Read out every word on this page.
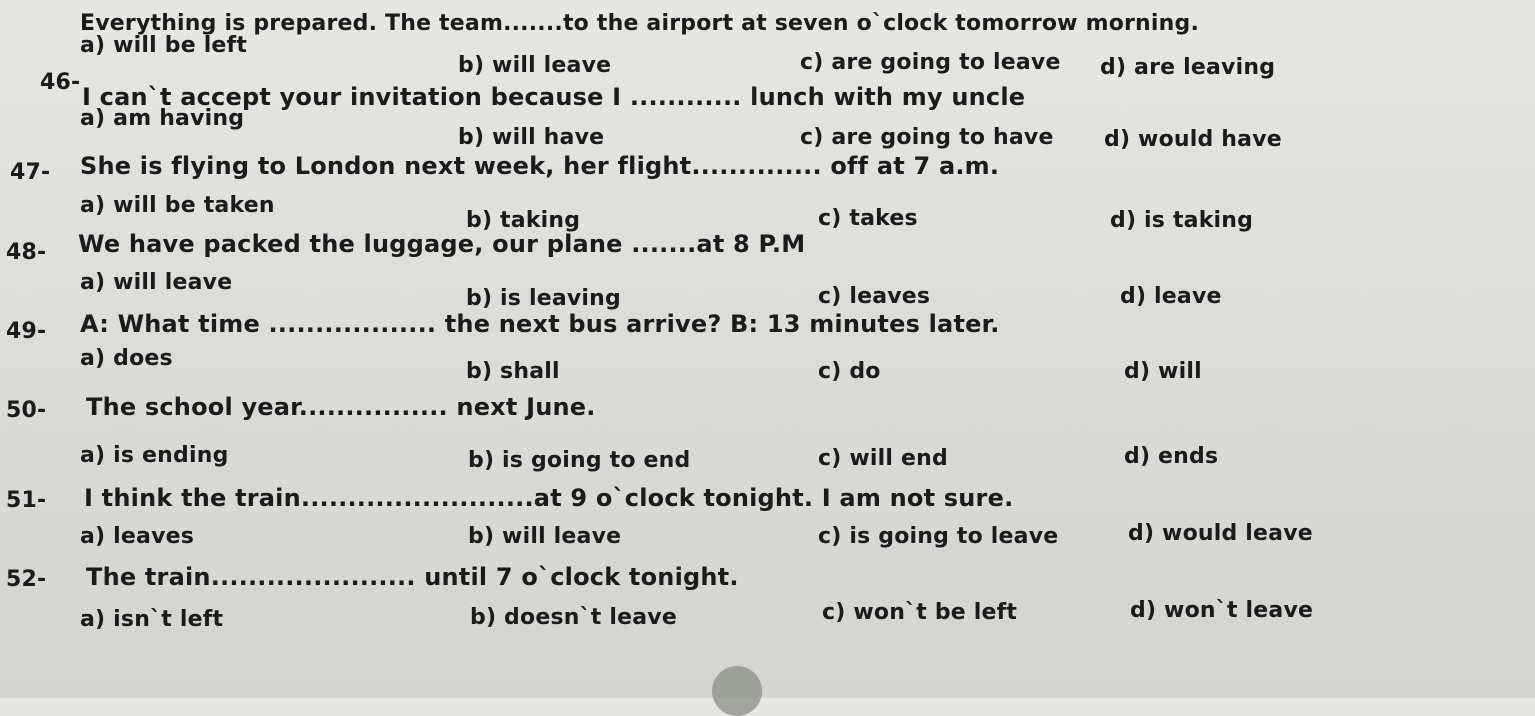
Everything is prepared. The team.......to the airport at seven o`clock tomorrow morning.
a) will be left
b) will leave	c) are going to leave d) are leaving
46-
I can`t accept your invitation because I ............ lunch with my uncle
a) am having
b) will have	c) are going to have d) would have
47- She is flying to London next week, her flight.............. off at 7 a.m.
a) will be taken
b) taking	c) takes	d) is taking
48- We have packed the luggage, our plane .......at 8 P.M
a) will leave
b) is leaving	c) leaves	d) leave
49- A: What time .................. the next bus arrive? B: 13 minutes later.
a) does
b) shall	c) do	d) will
50- The school year................ next June.
a) is ending	b) is going to end	c) will end	d) ends
51- I think the train.........................at 9 o`clock tonight. I am not sure.
a) leaves	b) will leave	c) is going to leave	d) would leave
52- The train...................... until 7 o`clock tonight.
a) isn`t left	b) doesn`t leave	c) won`t be left	d) won`t leave
